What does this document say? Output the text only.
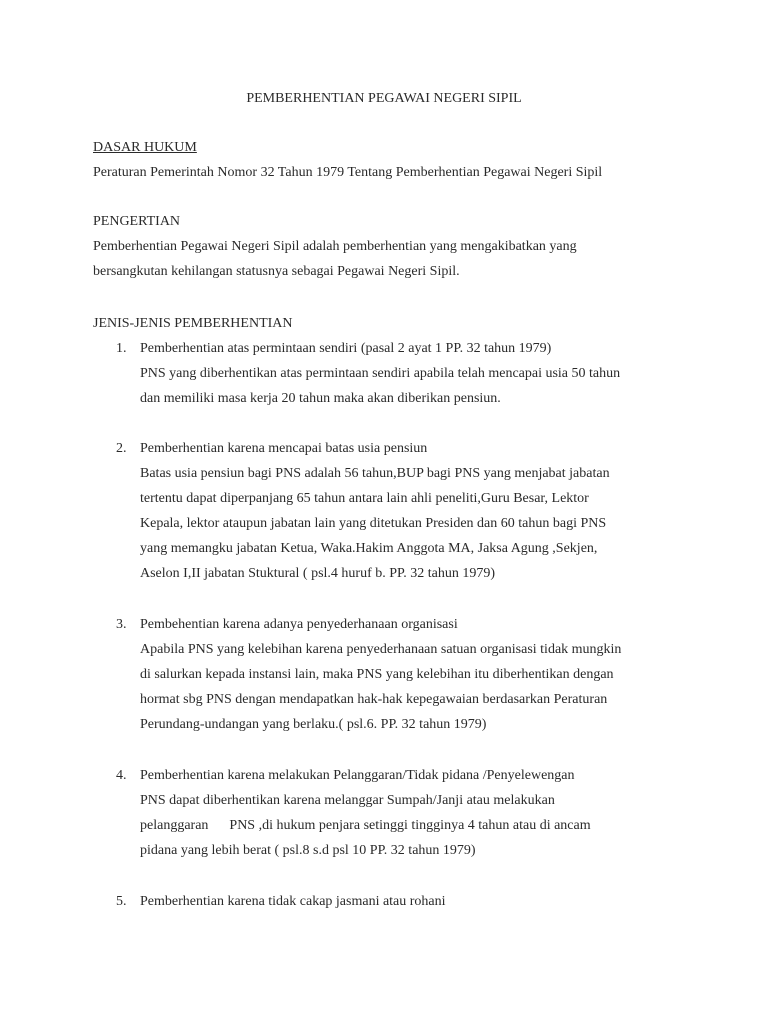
PEMBERHENTIAN PEGAWAI NEGERI SIPIL

DASAR HUKUM

Peraturan Pemerintah Nomor 32 Tahun 1979 Tentang Pemberhentian Pegawai Negeri Sipil

PENGERTIAN

Pemberhentian Pegawai Negeri Sipil adalah pemberhentian yang mengakibatkan yang

bersangkutan kehilangan statusnya sebagai Pegawai Negeri Sipil.

JENIS-JENIS PEMBERHENTIAN

1. Pemberhentian atas permintaan sendiri (pasal 2 ayat 1 PP. 32 tahun 1979)

PNS yang diberhentikan atas permintaan sendiri apabila telah mencapai usia 50 tahun

dan memiliki masa kerja 20 tahun maka akan diberikan pensiun.

2. Pemberhentian karena mencapai batas usia pensiun

Batas usia pensiun bagi PNS adalah 56 tahun,BUP bagi PNS yang menjabat jabatan

tertentu dapat diperpanjang 65 tahun antara lain ahli peneliti,Guru Besar, Lektor

Kepala, lektor ataupun jabatan lain yang ditetukan Presiden dan 60 tahun bagi PNS

yang memangku jabatan Ketua, Waka.Hakim Anggota MA, Jaksa Agung ,Sekjen,

Aselon I,II jabatan Stuktural ( psl.4 huruf b. PP. 32 tahun 1979)

3. Pembehentian karena adanya penyederhanaan organisasi

Apabila PNS yang kelebihan karena penyederhanaan satuan organisasi tidak mungkin

di salurkan kepada instansi lain, maka PNS yang kelebihan itu diberhentikan dengan

hormat sbg PNS dengan mendapatkan hak-hak kepegawaian berdasarkan Peraturan

Perundang-undangan yang berlaku.( psl.6. PP. 32 tahun 1979)

4. Pemberhentian karena melakukan Pelanggaran/Tidak pidana /Penyelewengan

PNS dapat diberhentikan karena melanggar Sumpah/Janji atau melakukan

pelanggaran      PNS ,di hukum penjara setinggi tingginya 4 tahun atau di ancam

pidana yang lebih berat ( psl.8 s.d psl 10 PP. 32 tahun 1979)

5. Pemberhentian karena tidak cakap jasmani atau rohani
